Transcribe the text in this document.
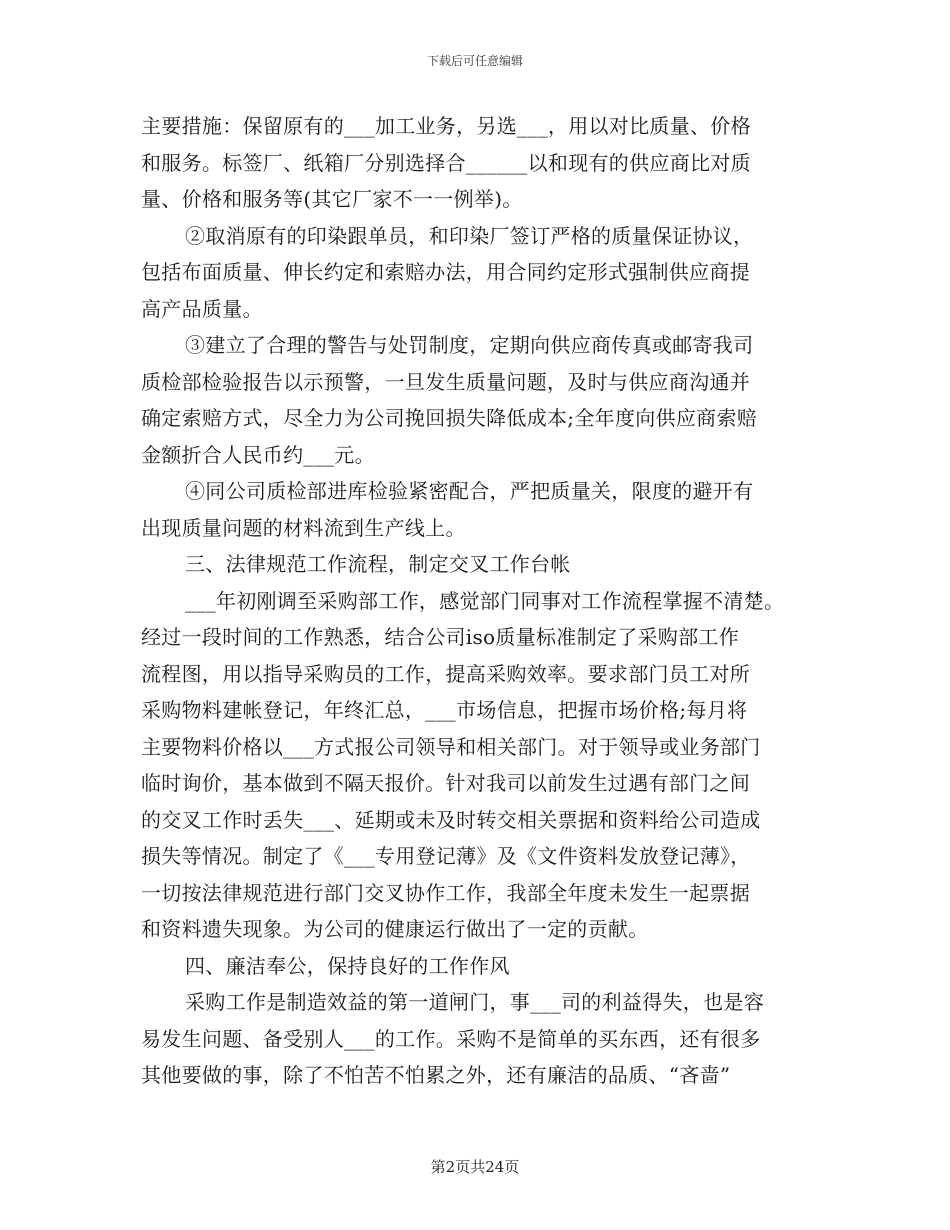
下载后可任意编辑
主要措施：保留原有的___加工业务，另选___，用以对比质量、价格
和服务。标签厂、纸箱厂分别选择合______以和现有的供应商比对质
量、价格和服务等(其它厂家不一一例举)。
②取消原有的印染跟单员，和印染厂签订严格的质量保证协议，
包括布面质量、伸长约定和索赔办法，用合同约定形式强制供应商提
高产品质量。
③建立了合理的警告与处罚制度，定期向供应商传真或邮寄我司
质检部检验报告以示预警，一旦发生质量问题，及时与供应商沟通并
确定索赔方式，尽全力为公司挽回损失降低成本;全年度向供应商索赔
金额折合人民币约___元。
④同公司质检部进库检验紧密配合，严把质量关，限度的避开有
出现质量问题的材料流到生产线上。
三、法律规范工作流程，制定交叉工作台帐
___年初刚调至采购部工作，感觉部门同事对工作流程掌握不清楚。
经过一段时间的工作熟悉，结合公司iso质量标准制定了采购部工作
流程图，用以指导采购员的工作，提高采购效率。要求部门员工对所
采购物料建帐登记，年终汇总，___市场信息，把握市场价格;每月将
主要物料价格以___方式报公司领导和相关部门。对于领导或业务部门
临时询价，基本做到不隔天报价。针对我司以前发生过遇有部门之间
的交叉工作时丢失___、延期或未及时转交相关票据和资料给公司造成
损失等情况。制定了《___专用登记薄》及《文件资料发放登记薄》，
一切按法律规范进行部门交叉协作工作，我部全年度未发生一起票据
和资料遗失现象。为公司的健康运行做出了一定的贡献。
四、廉洁奉公，保持良好的工作作风
采购工作是制造效益的第一道闸门，事___司的利益得失，也是容
易发生问题、备受别人___的工作。采购不是简单的买东西，还有很多
其他要做的事，除了不怕苦不怕累之外，还有廉洁的品质、“吝啬”
第2页共24页
